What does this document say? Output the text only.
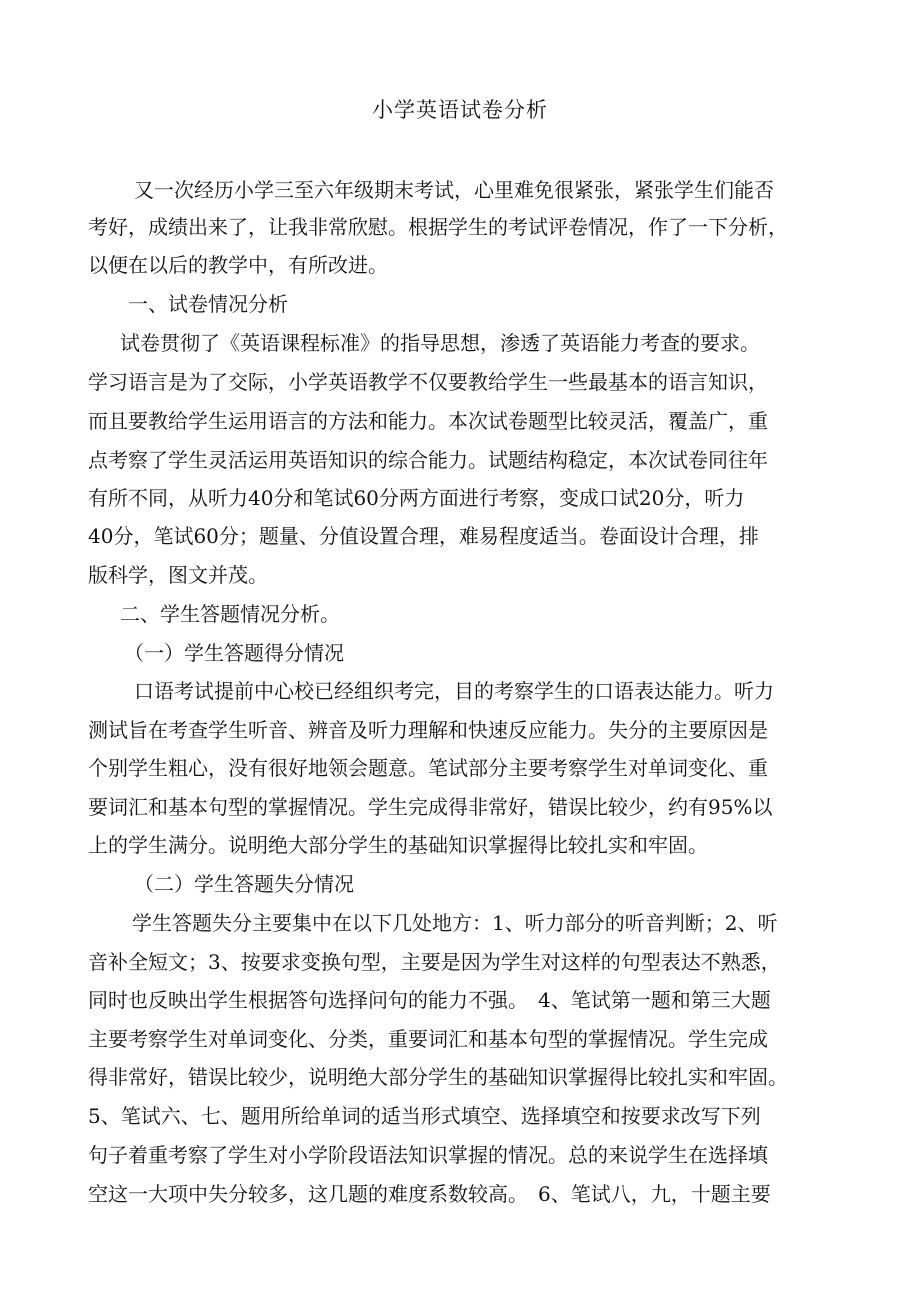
小学英语试卷分析

又一次经历小学三至六年级期末考试，心里难免很紧张，紧张学生们能否

考好，成绩出来了，让我非常欣慰。根据学生的考试评卷情况，作了一下分析，

以便在以后的教学中，有所改进。

一、试卷情况分析

试卷贯彻了《英语课程标准》的指导思想，渗透了英语能力考查的要求。

学习语言是为了交际，小学英语教学不仅要教给学生一些最基本的语言知识，

而且要教给学生运用语言的方法和能力。本次试卷题型比较灵活，覆盖广，重

点考察了学生灵活运用英语知识的综合能力。试题结构稳定，本次试卷同往年

有所不同，从听力40分和笔试60分两方面进行考察，变成口试20分，听力

40分，笔试60分；题量、分值设置合理，难易程度适当。卷面设计合理，排

版科学，图文并茂。

二、学生答题情况分析。

（一）学生答题得分情况

口语考试提前中心校已经组织考完，目的考察学生的口语表达能力。听力

测试旨在考查学生听音、辨音及听力理解和快速反应能力。失分的主要原因是

个别学生粗心，没有很好地领会题意。笔试部分主要考察学生对单词变化、重

要词汇和基本句型的掌握情况。学生完成得非常好，错误比较少，约有95%以

上的学生满分。说明绝大部分学生的基础知识掌握得比较扎实和牢固。

（二）学生答题失分情况

学生答题失分主要集中在以下几处地方：1、听力部分的听音判断；2、听

音补全短文；3、按要求变换句型，主要是因为学生对这样的句型表达不熟悉，

同时也反映出学生根据答句选择问句的能力不强。　4、笔试第一题和第三大题

主要考察学生对单词变化、分类，重要词汇和基本句型的掌握情况。学生完成

得非常好，错误比较少，说明绝大部分学生的基础知识掌握得比较扎实和牢固。

5、笔试六、七、题用所给单词的适当形式填空、选择填空和按要求改写下列

句子着重考察了学生对小学阶段语法知识掌握的情况。总的来说学生在选择填

空这一大项中失分较多，这几题的难度系数较高。　6、笔试八，九，十题主要
